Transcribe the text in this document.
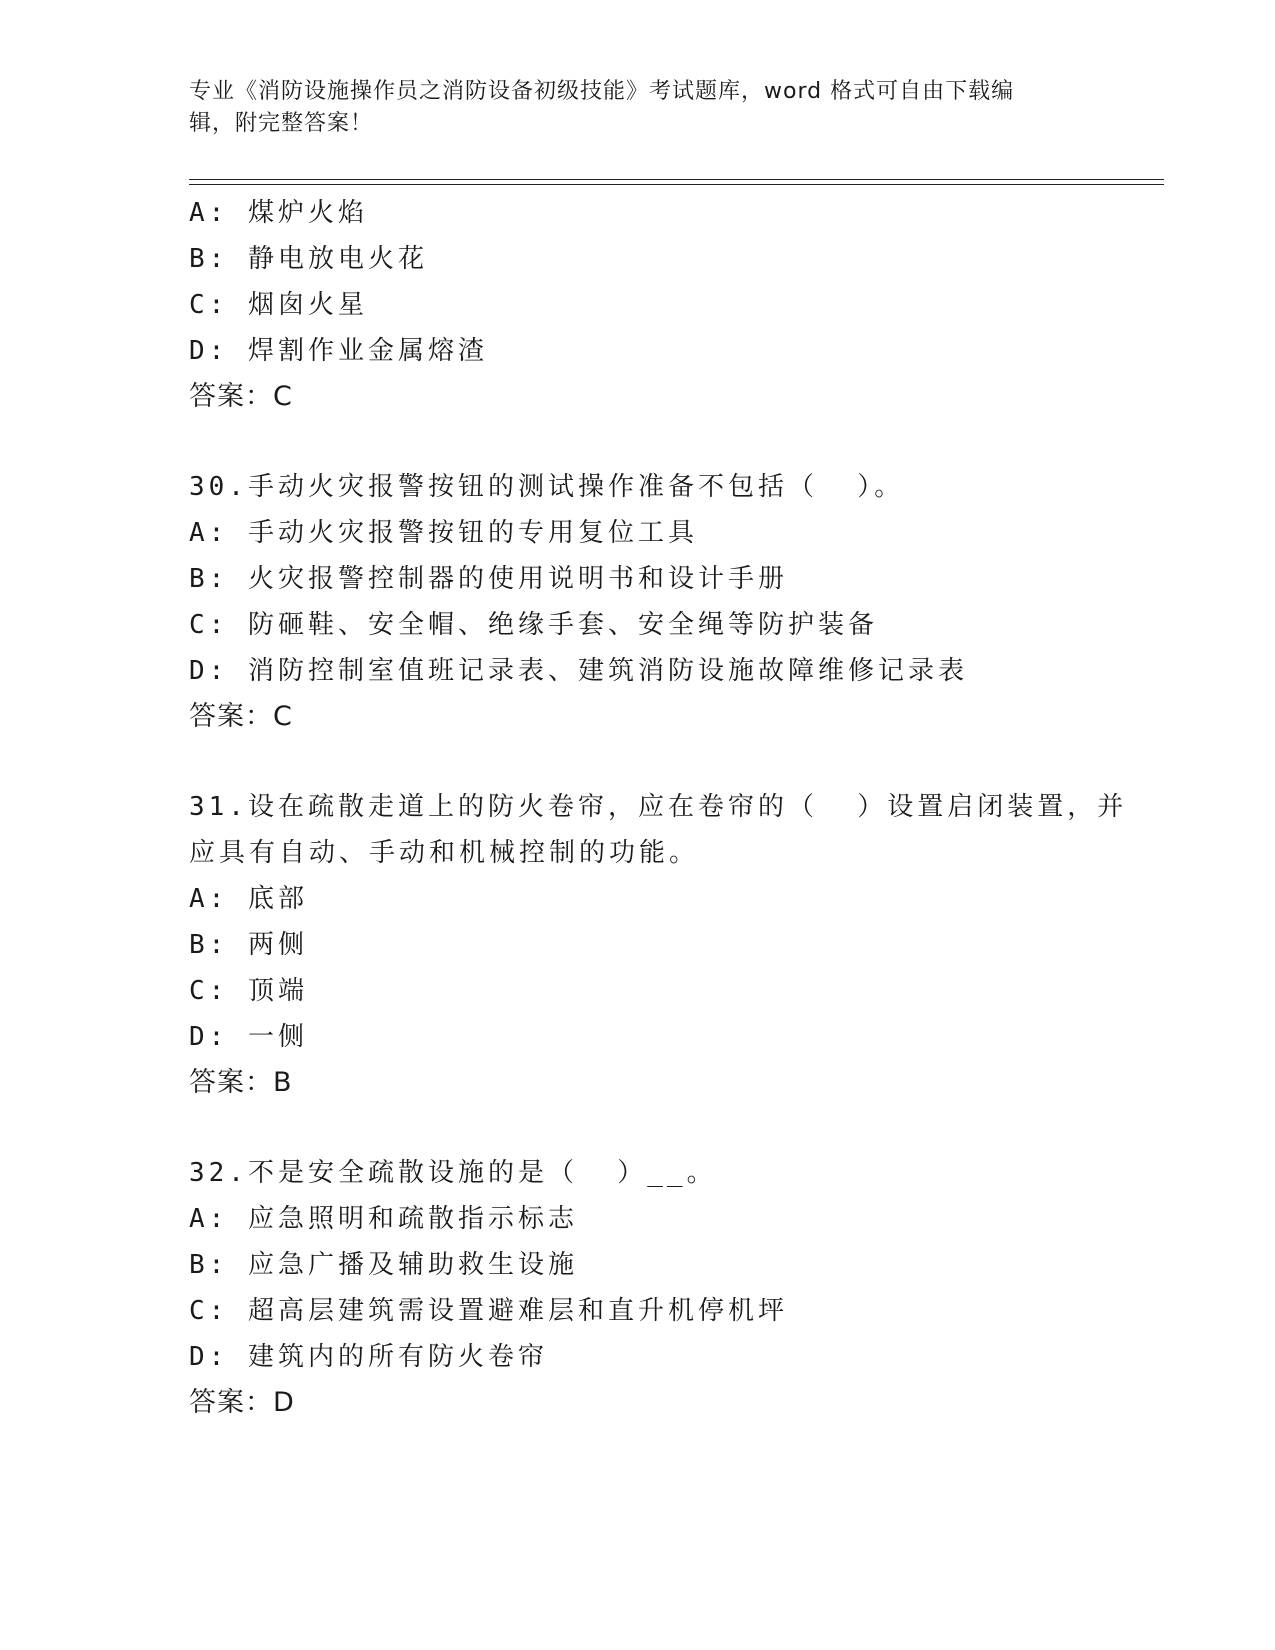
专业《消防设施操作员之消防设备初级技能》考试题库，word 格式可自由下载编
辑，附完整答案！
A: 煤炉火焰
B: 静电放电火花
C: 烟囱火星
D: 焊割作业金属熔渣
答案：C
30.手动火灾报警按钮的测试操作准备不包括（  ）。
A: 手动火灾报警按钮的专用复位工具
B: 火灾报警控制器的使用说明书和设计手册
C: 防砸鞋、安全帽、绝缘手套、安全绳等防护装备
D: 消防控制室值班记录表、建筑消防设施故障维修记录表
答案：C
31.设在疏散走道上的防火卷帘，应在卷帘的（  ）设置启闭装置，并
应具有自动、手动和机械控制的功能。
A: 底部
B: 两侧
C: 顶端
D: 一侧
答案：B
32.不是安全疏散设施的是（  ）__。
A: 应急照明和疏散指示标志
B: 应急广播及辅助救生设施
C: 超高层建筑需设置避难层和直升机停机坪
D: 建筑内的所有防火卷帘
答案：D
